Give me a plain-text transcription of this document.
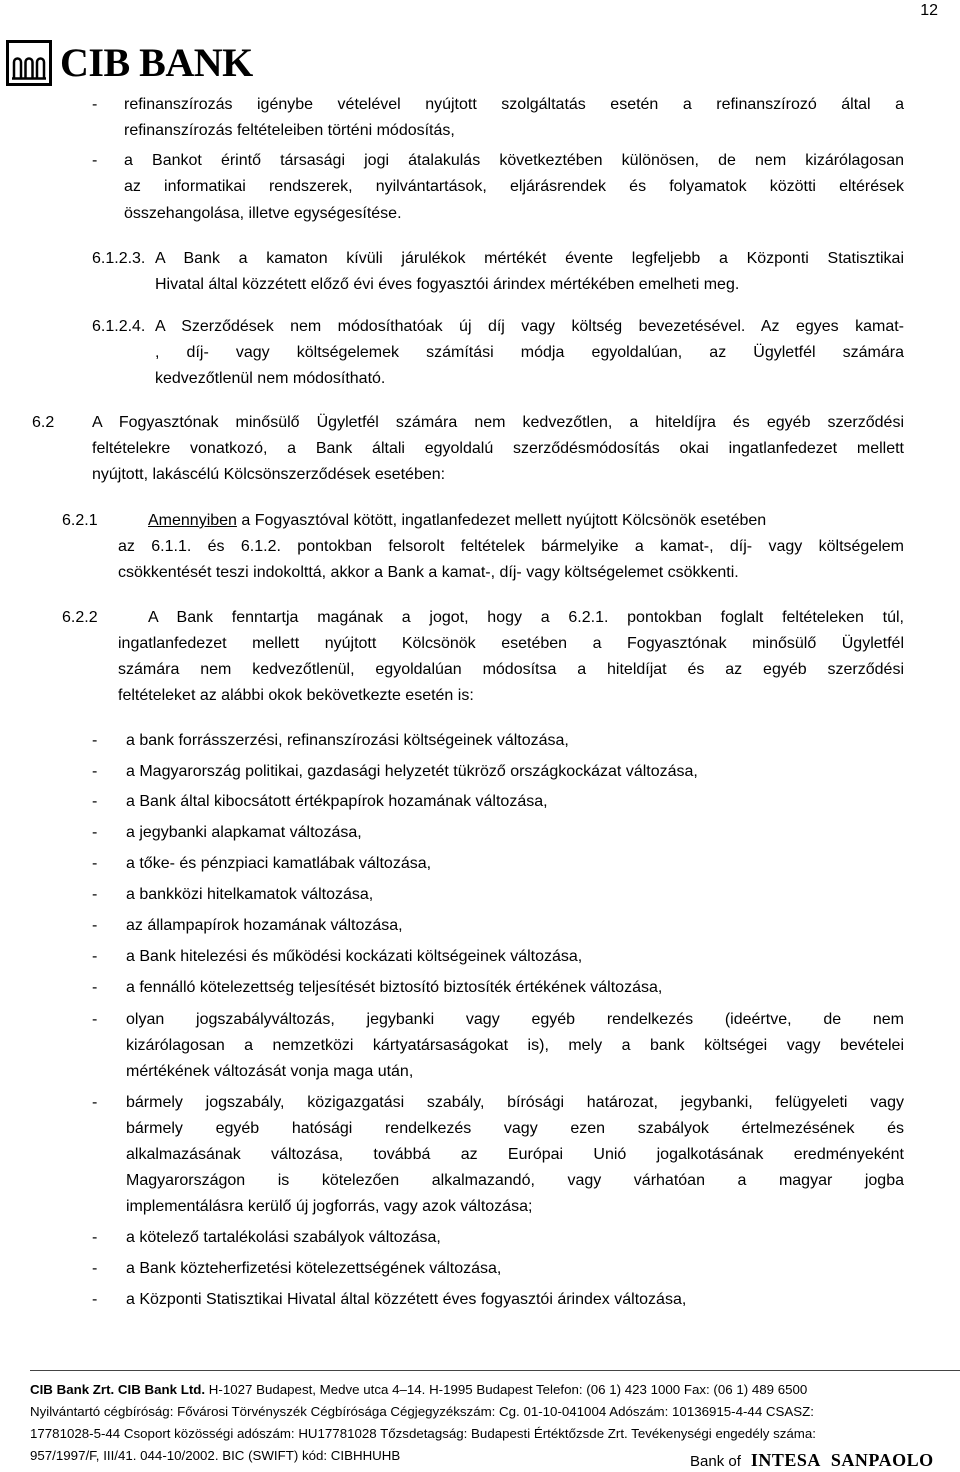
12
CIB BANK
- refinanszírozás igénybe vételével nyújtott szolgáltatás esetén a refinanszírozó által a
refinanszírozás feltételeiben történi módosítás,
- a Bankot érintő társasági jogi átalakulás következtében különösen, de nem kizárólagosan
az informatikai rendszerek, nyilvántartások, eljárásrendek és folyamatok közötti eltérések
összehangolása, illetve egységesítése.
6.1.2.3. A Bank a kamaton kívüli járulékok mértékét évente legfeljebb a Központi Statisztikai
Hivatal által közzétett előző évi éves fogyasztói árindex mértékében emelheti meg.
6.1.2.4. A Szerződések nem módosíthatóak új díj vagy költség bevezetésével. Az egyes kamat-
, díj- vagy költségelemek számítási módja egyoldalúan, az Ügyletfél számára
kedvezőtlenül nem módosítható.
6.2 A Fogyasztónak minősülő Ügyletfél számára nem kedvezőtlen, a hiteldíjra és egyéb szerződési
feltételekre vonatkozó, a Bank általi egyoldalú szerződésmódosítás okai ingatlanfedezet mellett
nyújtott, lakáscélú Kölcsönszerződések esetében:
6.2.1	Amennyiben a Fogyasztóval kötött, ingatlanfedezet mellett nyújtott Kölcsönök esetében
az 6.1.1. és 6.1.2. pontokban felsorolt feltételek bármelyike a kamat-, díj- vagy költségelem
csökkentését teszi indokolttá, akkor a Bank a kamat-, díj- vagy költségelemet csökkenti.
6.2.2	A Bank fenntartja magának a jogot, hogy a 6.2.1. pontokban foglalt feltételeken túl,
ingatlanfedezet mellett nyújtott Kölcsönök esetében a Fogyasztónak minősülő Ügyletfél
számára nem kedvezőtlenül, egyoldalúan módosítsa a hiteldíjat és az egyéb szerződési
feltételeket az alábbi okok bekövetkezte esetén is:
- a bank forrásszerzési, refinanszírozási költségeinek változása,
- a Magyarország politikai, gazdasági helyzetét tükröző országkockázat változása,
- a Bank által kibocsátott értékpapírok hozamának változása,
- a jegybanki alapkamat változása,
- a tőke- és pénzpiaci kamatlábak változása,
- a bankközi hitelkamatok változása,
- az állampapírok hozamának változása,
- a Bank hitelezési és működési kockázati költségeinek változása,
- a fennálló kötelezettség teljesítését biztosító biztosíték értékének változása,
- olyan jogszabályváltozás, jegybanki vagy egyéb rendelkezés (ideértve, de nem
kizárólagosan a nemzetközi kártyatársaságokat is), mely a bank költségei vagy bevételei
mértékének változását vonja maga után,
- bármely jogszabály, közigazgatási szabály, bírósági határozat, jegybanki, felügyeleti vagy
bármely egyéb hatósági rendelkezés vagy ezen szabályok értelmezésének és
alkalmazásának változása, továbbá az Európai Unió jogalkotásának eredményeként
Magyarországon is kötelezően alkalmazandó, vagy várhatóan a magyar jogba
implementálásra kerülő új jogforrás, vagy azok változása;
- a kötelező tartalékolási szabályok változása,
- a Bank közteherfizetési kötelezettségének változása,
- a Központi Statisztikai Hivatal által közzétett éves fogyasztói árindex változása,
CIB Bank Zrt. CIB Bank Ltd. H-1027 Budapest, Medve utca 4–14. H-1995 Budapest Telefon: (06 1) 423 1000 Fax: (06 1) 489 6500
Nyilvántartó cégbíróság: Fővárosi Törvényszék Cégbírósága Cégjegyzékszám: Cg. 01-10-041004 Adószám: 10136915-4-44 CSASZ:
17781028-5-44 Csoport közösségi adószám: HU17781028 Tőzsdetagság: Budapesti Értéktőzsde Zrt. Tevékenységi engedély száma:
957/1997/F, III/41. 044-10/2002. BIC (SWIFT) kód: CIBHHUHB	Bank of INTESA SANPAOLO
